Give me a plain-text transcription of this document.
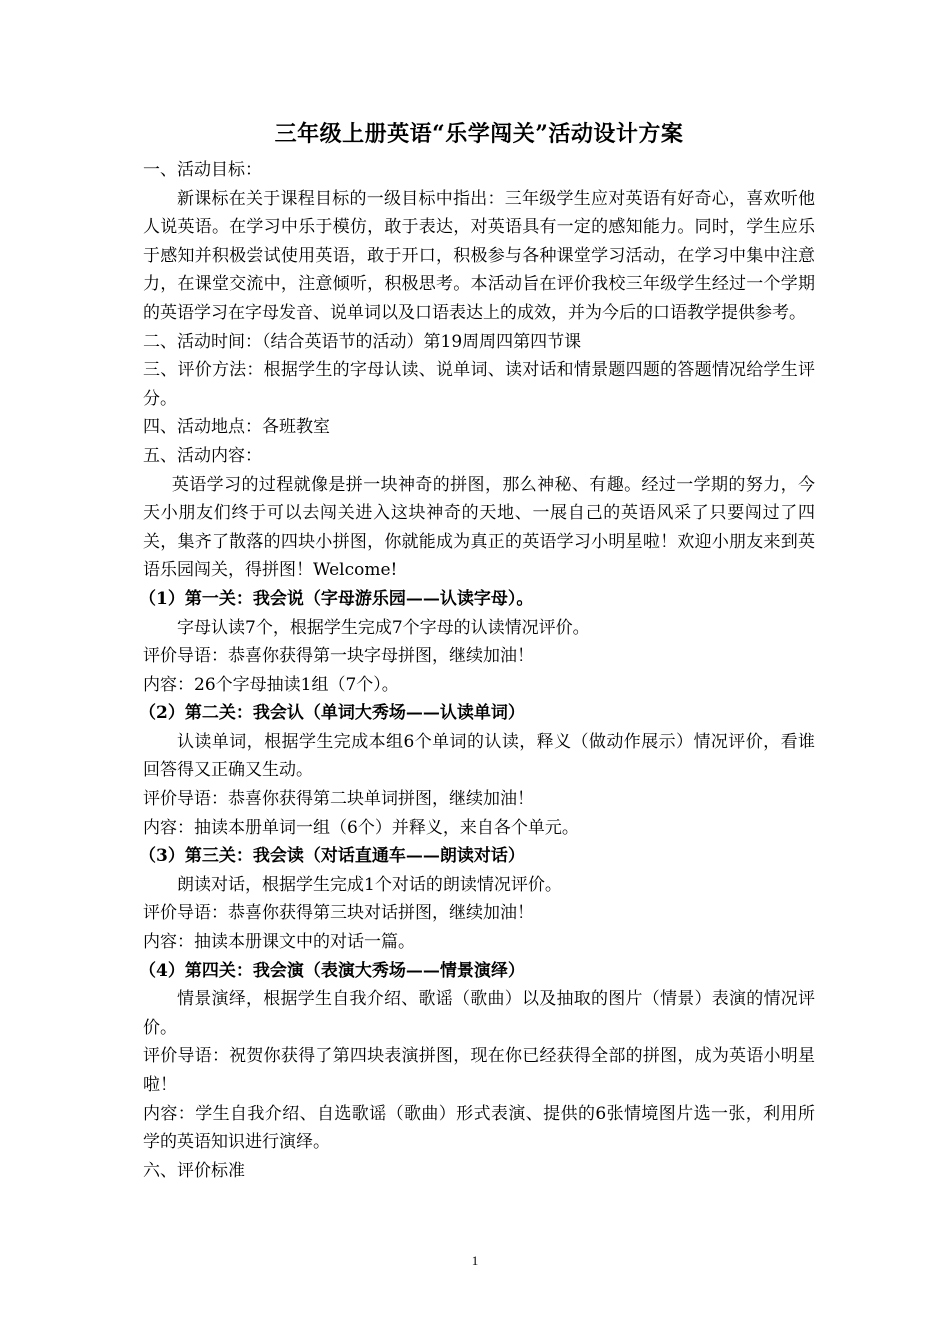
三年级上册英语“乐学闯关”活动设计方案

一、活动目标：

新课标在关于课程目标的一级目标中指出：三年级学生应对英语有好奇心，喜欢听他人说英语。在学习中乐于模仿，敢于表达，对英语具有一定的感知能力。同时，学生应乐于感知并积极尝试使用英语，敢于开口，积极参与各种课堂学习活动，在学习中集中注意力，在课堂交流中，注意倾听，积极思考。本活动旨在评价我校三年级学生经过一个学期的英语学习在字母发音、说单词以及口语表达上的成效，并为今后的口语教学提供参考。

二、活动时间：（结合英语节的活动）第19周周四第四节课

三、评价方法：根据学生的字母认读、说单词、读对话和情景题四题的答题情况给学生评分。

四、活动地点：各班教室

五、活动内容：

英语学习的过程就像是拼一块神奇的拼图，那么神秘、有趣。经过一学期的努力，今天小朋友们终于可以去闯关进入这块神奇的天地、一展自己的英语风采了只要闯过了四关，集齐了散落的四块小拼图，你就能成为真正的英语学习小明星啦！欢迎小朋友来到英语乐园闯关，得拼图！Welcome!

（1）第一关：我会说（字母游乐园——认读字母）。

字母认读7个，根据学生完成7个字母的认读情况评价。

评价导语：恭喜你获得第一块字母拼图，继续加油！

内容：26个字母抽读1组（7个）。

（2）第二关：我会认（单词大秀场——认读单词）

认读单词，根据学生完成本组6个单词的认读，释义（做动作展示）情况评价，看谁回答得又正确又生动。

评价导语：恭喜你获得第二块单词拼图，继续加油！

内容：抽读本册单词一组（6个）并释义，来自各个单元。

（3）第三关：我会读（对话直通车——朗读对话）

朗读对话，根据学生完成1个对话的朗读情况评价。

评价导语：恭喜你获得第三块对话拼图，继续加油！

内容：抽读本册课文中的对话一篇。

（4）第四关：我会演（表演大秀场——情景演绎）

情景演绎，根据学生自我介绍、歌谣（歌曲）以及抽取的图片（情景）表演的情况评价。

评价导语：祝贺你获得了第四块表演拼图，现在你已经获得全部的拼图，成为英语小明星啦！

内容：学生自我介绍、自选歌谣（歌曲）形式表演、提供的6张情境图片选一张，利用所学的英语知识进行演绎。

六、评价标准

1
